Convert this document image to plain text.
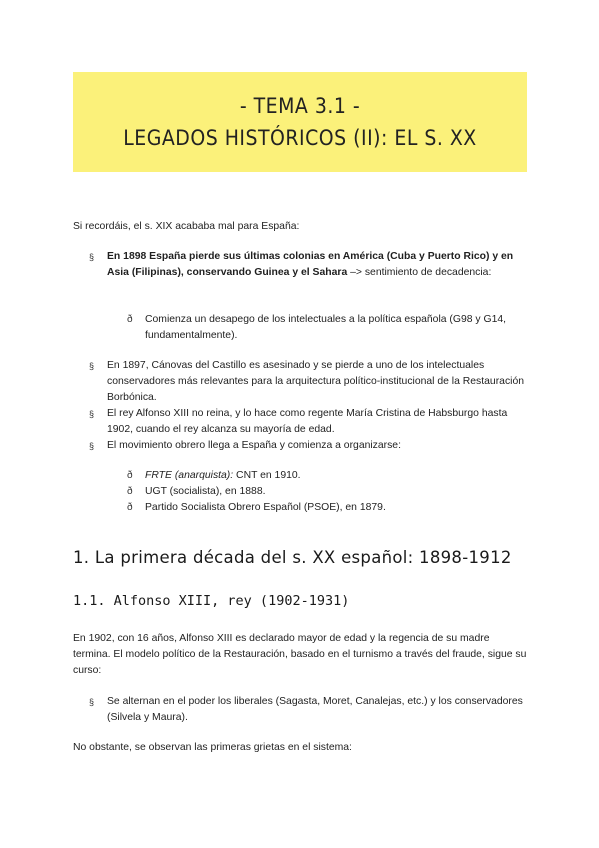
- TEMA 3.1 -
LEGADOS HISTÓRICOS (II): EL S. XX
Si recordáis, el s. XIX acababa mal para España:
§ En 1898 España pierde sus últimas colonias en América (Cuba y Puerto Rico) y en Asia (Filipinas), conservando Guinea y el Sahara –> sentimiento de decadencia:
ð Comienza un desapego de los intelectuales a la política española (G98 y G14, fundamentalmente).
§ En 1897, Cánovas del Castillo es asesinado y se pierde a uno de los intelectuales conservadores más relevantes para la arquitectura político-institucional de la Restauración Borbónica.
§ El rey Alfonso XIII no reina, y lo hace como regente María Cristina de Habsburgo hasta 1902, cuando el rey alcanza su mayoría de edad.
§ El movimiento obrero llega a España y comienza a organizarse:
ð FRTE (anarquista): CNT en 1910.
ð UGT (socialista), en 1888.
ð Partido Socialista Obrero Español (PSOE), en 1879.
1. La primera década del s. XX español: 1898-1912
1.1. Alfonso XIII, rey (1902-1931)
En 1902, con 16 años, Alfonso XIII es declarado mayor de edad y la regencia de su madre termina. El modelo político de la Restauración, basado en el turnismo a través del fraude, sigue su curso:
§ Se alternan en el poder los liberales (Sagasta, Moret, Canalejas, etc.) y los conservadores (Silvela y Maura).
No obstante, se observan las primeras grietas en el sistema:
